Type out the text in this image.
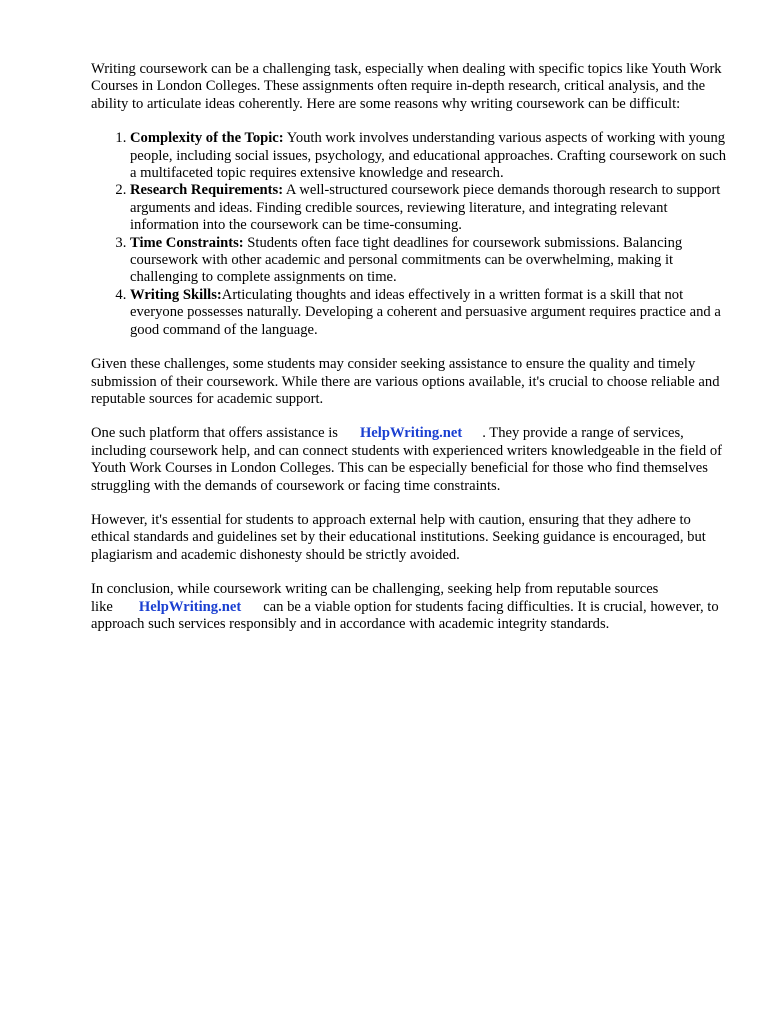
Writing coursework can be a challenging task, especially when dealing with specific topics like Youth Work Courses in London Colleges. These assignments often require in-depth research, critical analysis, and the ability to articulate ideas coherently. Here are some reasons why writing coursework can be difficult:

1. Complexity of the Topic: Youth work involves understanding various aspects of working with young people, including social issues, psychology, and educational approaches. Crafting coursework on such a multifaceted topic requires extensive knowledge and research.
2. Research Requirements: A well-structured coursework piece demands thorough research to support arguments and ideas. Finding credible sources, reviewing literature, and integrating relevant information into the coursework can be time-consuming.
3. Time Constraints: Students often face tight deadlines for coursework submissions. Balancing coursework with other academic and personal commitments can be overwhelming, making it challenging to complete assignments on time.
4. Writing Skills:Articulating thoughts and ideas effectively in a written format is a skill that not everyone possesses naturally. Developing a coherent and persuasive argument requires practice and a good command of the language.

Given these challenges, some students may consider seeking assistance to ensure the quality and timely submission of their coursework. While there are various options available, it's crucial to choose reliable and reputable sources for academic support.

One such platform that offers assistance is HelpWriting.net . They provide a range of services, including coursework help, and can connect students with experienced writers knowledgeable in the field of Youth Work Courses in London Colleges. This can be especially beneficial for those who find themselves struggling with the demands of coursework or facing time constraints.

However, it's essential for students to approach external help with caution, ensuring that they adhere to ethical standards and guidelines set by their educational institutions. Seeking guidance is encouraged, but plagiarism and academic dishonesty should be strictly avoided.

In conclusion, while coursework writing can be challenging, seeking help from reputable sources like HelpWriting.net can be a viable option for students facing difficulties. It is crucial, however, to approach such services responsibly and in accordance with academic integrity standards.
